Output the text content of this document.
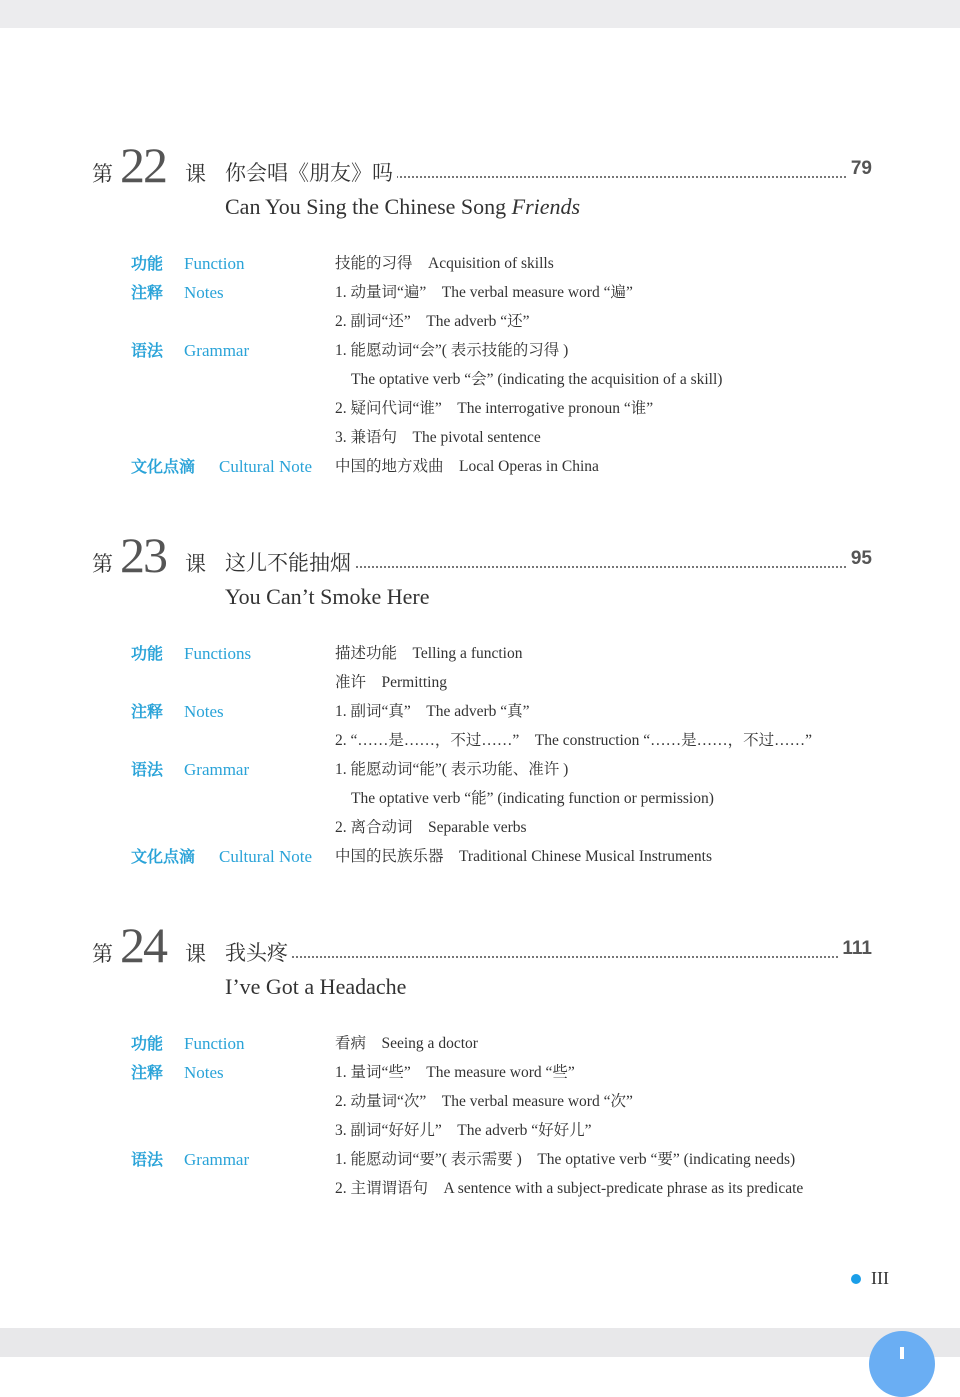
第 22 课 你会唱《朋友》吗	79
Can You Sing the Chinese Song Friends
功能 Function	技能的习得　Acquisition of skills
注释 Notes	1. 动量词“遍”　The verbal measure word “遍”
2. 副词“还”　The adverb “还”
语法 Grammar	1. 能愿动词“会”( 表示技能的习得 )
The optative verb “会” (indicating the acquisition of a skill)
2. 疑问代词“谁”　The interrogative pronoun “谁”
3. 兼语句　The pivotal sentence
文化点滴 Cultural Note 中国的地方戏曲　Local Operas in China
第 23 课 这儿不能抽烟	95
You Can’t Smoke Here
功能 Functions	描述功能　Telling a function
准许　Permitting
注释 Notes	1. 副词“真”　The adverb “真”
2. “……是……，不过……”　The construction “……是……，不过……”
语法 Grammar	1. 能愿动词“能”( 表示功能、准许 )
The optative verb “能” (indicating function or permission)
2. 离合动词　Separable verbs
文化点滴 Cultural Note 中国的民族乐器　Traditional Chinese Musical Instruments
第 24 课 我头疼	111
I’ve Got a Headache
功能 Function	看病　Seeing a doctor
注释 Notes	1. 量词“些”　The measure word “些”
2. 动量词“次”　The verbal measure word “次”
3. 副词“好好儿”　The adverb “好好儿”
语法 Grammar	1. 能愿动词“要”( 表示需要 )　The optative verb “要” (indicating needs)
2. 主谓谓语句　A sentence with a subject-predicate phrase as its predicate
III
